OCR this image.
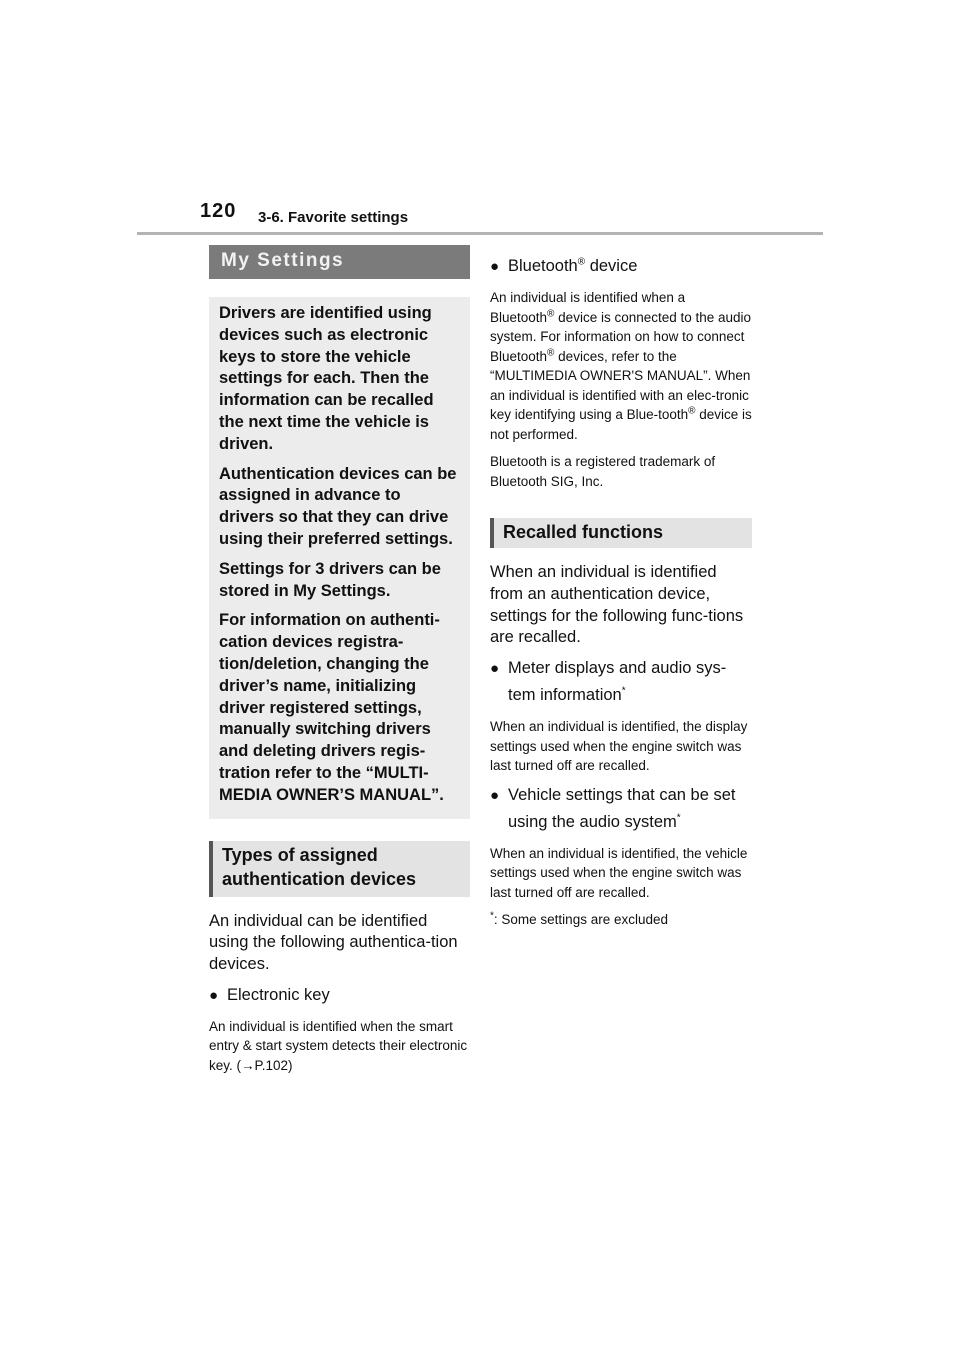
120 3-6. Favorite settings
My Settings

Drivers are identified using devices such as electronic keys to store the vehicle settings for each. Then the information can be recalled the next time the vehicle is driven.

Authentication devices can be assigned in advance to drivers so that they can drive using their preferred settings.

Settings for 3 drivers can be stored in My Settings.

For information on authenti-cation devices registra-tion/deletion, changing the driver’s name, initializing driver registered settings, manually switching drivers and deleting drivers regis-tration refer to the “MULTI-MEDIA OWNER’S MANUAL”.

Types of assigned authentication devices

An individual can be identified using the following authentica-tion devices.

● Electronic key
An individual is identified when the smart entry & start system detects their electronic key. (→P.102)
● Bluetooth® device
An individual is identified when a Bluetooth® device is connected to the audio system. For information on how to connect Bluetooth® devices, refer to the “MULTIMEDIA OWNER'S MANUAL”. When an individual is identified with an elec-tronic key identifying using a Blue-tooth® device is not performed.
Bluetooth is a registered trademark of Bluetooth SIG, Inc.
Recalled functions

When an individual is identified from an authentication device, settings for the following func-tions are recalled.

● Meter displays and audio sys-tem information*
When an individual is identified, the display settings used when the engine switch was last turned off are recalled.
● Vehicle settings that can be set using the audio system*
When an individual is identified, the vehicle settings used when the engine switch was last turned off are recalled.
*: Some settings are excluded
